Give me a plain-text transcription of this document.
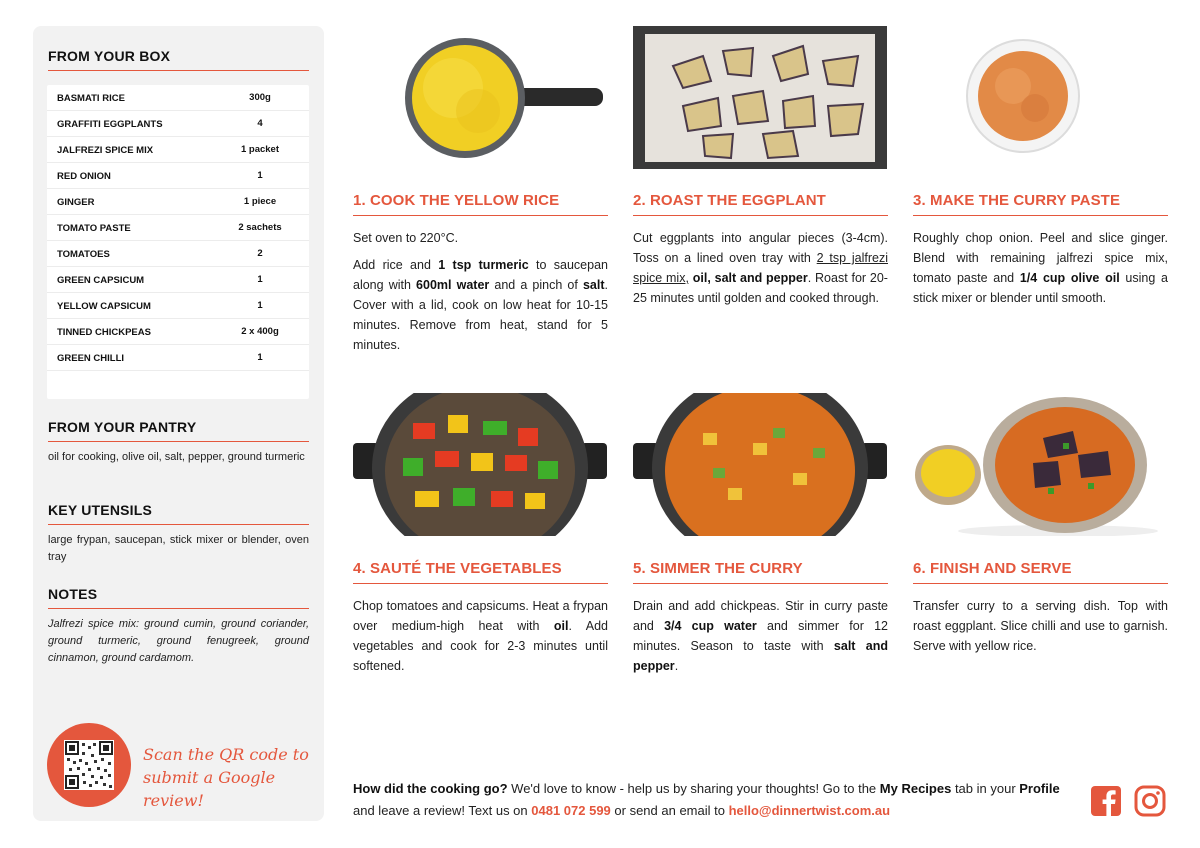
FROM YOUR BOX
BASMATI RICE	300g
GRAFFITI EGGPLANTS	4
JALFREZI SPICE MIX	1 packet
RED ONION	1
GINGER	1 piece
TOMATO PASTE	2 sachets
TOMATOES	2
GREEN CAPSICUM	1
YELLOW CAPSICUM	1
TINNED CHICKPEAS	2 x 400g
GREEN CHILLI	1
FROM YOUR PANTRY
oil for cooking, olive oil, salt, pepper, ground turmeric
KEY UTENSILS
large frypan, saucepan, stick mixer or blender, oven tray
NOTES
Jalfrezi spice mix: ground cumin, ground coriander, ground turmeric, ground fenugreek, ground cinnamon, ground cardamom.
Scan the QR code to
submit a Google review!
1. COOK THE YELLOW RICE	2. ROAST THE EGGPLANT	3. MAKE THE CURRY PASTE
4. SAUTÉ THE VEGETABLES	5. SIMMER THE CURRY	6. FINISH AND SERVE

Set oven to 220°C.

Add rice and 1 tsp turmeric to saucepan along with 600ml water and a pinch of salt. Cover with a lid, cook on low heat for 10-15 minutes. Remove from heat, stand for 5 minutes.

Cut eggplants into angular pieces (3-4cm). Toss on a lined oven tray with 2 tsp jalfrezi spice mix, oil, salt and pepper. Roast for 20-25 minutes until golden and cooked through.

Roughly chop onion. Peel and slice ginger. Blend with remaining jalfrezi spice mix, tomato paste and 1/4 cup olive oil using a stick mixer or blender until smooth.

Chop tomatoes and capsicums. Heat a frypan over medium-high heat with oil. Add vegetables and cook for 2-3 minutes until softened.

Drain and add chickpeas. Stir in curry paste and 3/4 cup water and simmer for 12 minutes. Season to taste with salt and pepper.

Transfer curry to a serving dish. Top with roast eggplant. Slice chilli and use to garnish. Serve with yellow rice.

How did the cooking go? We'd love to know - help us by sharing your thoughts! Go to the My Recipes tab in your Profile and leave a review! Text us on 0481 072 599 or send an email to hello@dinnertwist.com.au
